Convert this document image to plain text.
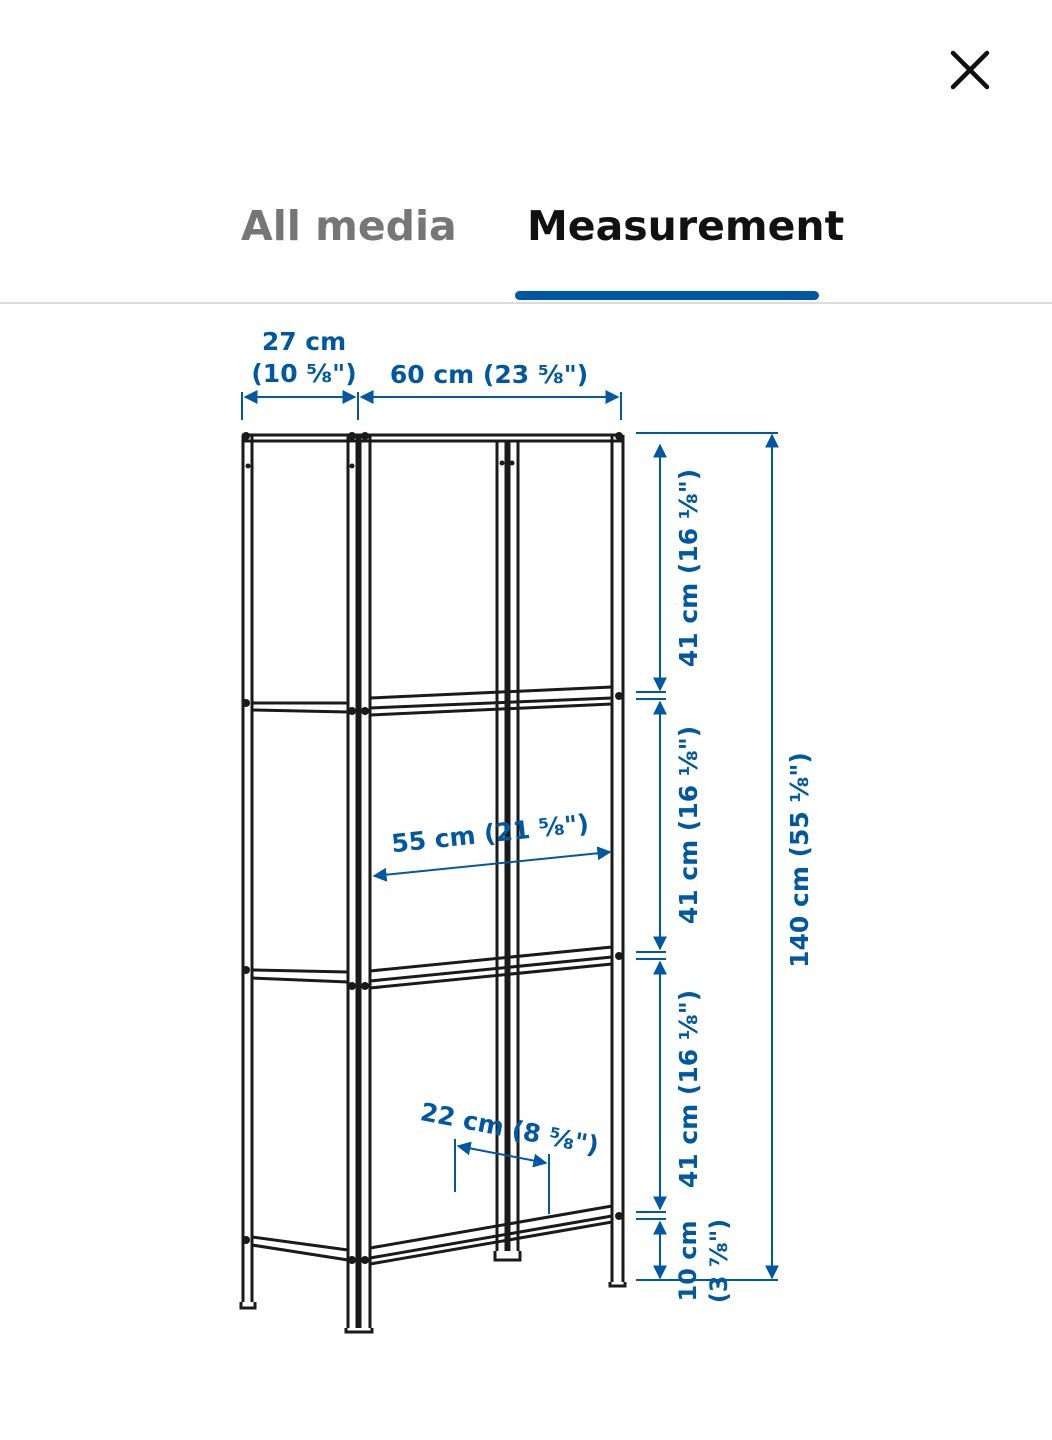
All media Measurement
27 cm
(10 ⅝") 60 cm (23 ⅝")
41 cm (16 ⅛")
41 cm (16 ⅛")
41 cm (16 ⅛")
10 cm (3 ⅞")
140 cm (55 ⅛")
55 cm (21 ⅝")
22 cm (8 ⅝")
